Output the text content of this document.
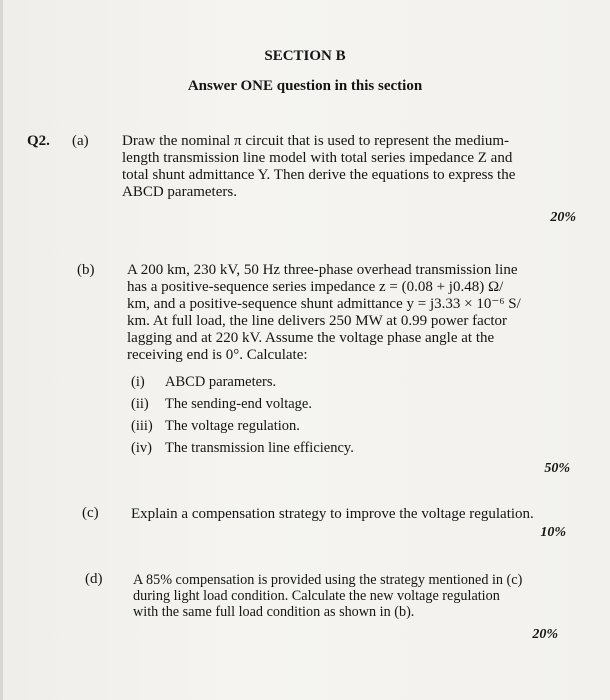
SECTION B
Answer ONE question in this section
Q2. (a) Draw the nominal π circuit that is used to represent the medium-
length transmission line model with total series impedance Z and
total shunt admittance Y. Then derive the equations to express the
ABCD parameters.
20%
(b) A 200 km, 230 kV, 50 Hz three-phase overhead transmission line
has a positive-sequence series impedance z = (0.08 + j0.48) Ω/
km, and a positive-sequence shunt admittance y = j3.33 × 10⁻⁶ S/
km. At full load, the line delivers 250 MW at 0.99 power factor
lagging and at 220 kV. Assume the voltage phase angle at the
receiving end is 0°. Calculate:
(i) ABCD parameters.
(ii) The sending-end voltage.
(iii) The voltage regulation.
(iv) The transmission line efficiency.
50%
(c) Explain a compensation strategy to improve the voltage regulation.
10%
(d) A 85% compensation is provided using the strategy mentioned in (c)
during light load condition. Calculate the new voltage regulation
with the same full load condition as shown in (b).
20%
